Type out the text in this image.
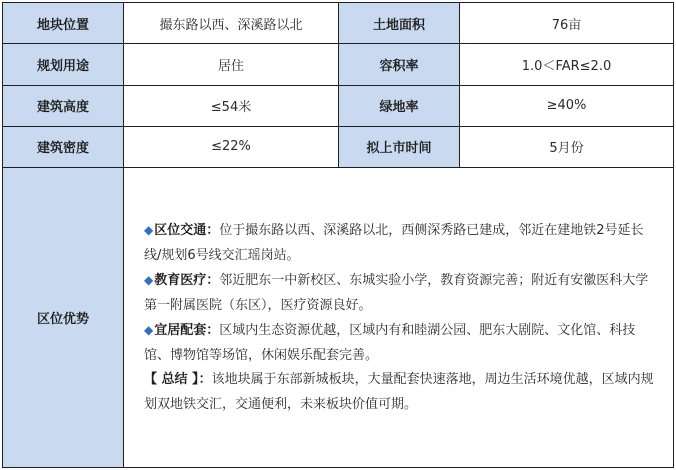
地块位置	撮东路以西、深溪路以北	土地面积	76亩
规划用途	居住	容积率	1.0＜FAR≤2.0
建筑高度	≤54米	绿地率	≥40%
建筑密度	≤22%	拟上市时间	5月份
区位优势	◆区位交通：位于撮东路以西、深溪路以北，西侧深秀路已建成，邻近在建地铁2号延长线/规划6号线交汇瑶岗站。

◆教育医疗：邻近肥东一中新校区、东城实验小学，教育资源完善；附近有安徽医科大学第一附属医院（东区），医疗资源良好。

◆宜居配套：区域内生态资源优越，区域内有和睦湖公园、肥东大剧院、文化馆、科技馆、博物馆等场馆，休闲娱乐配套完善。

【 总结 】：该地块属于东部新城板块，大量配套快速落地，周边生活环境优越，区域内规划双地铁交汇，交通便利，未来板块价值可期。		
